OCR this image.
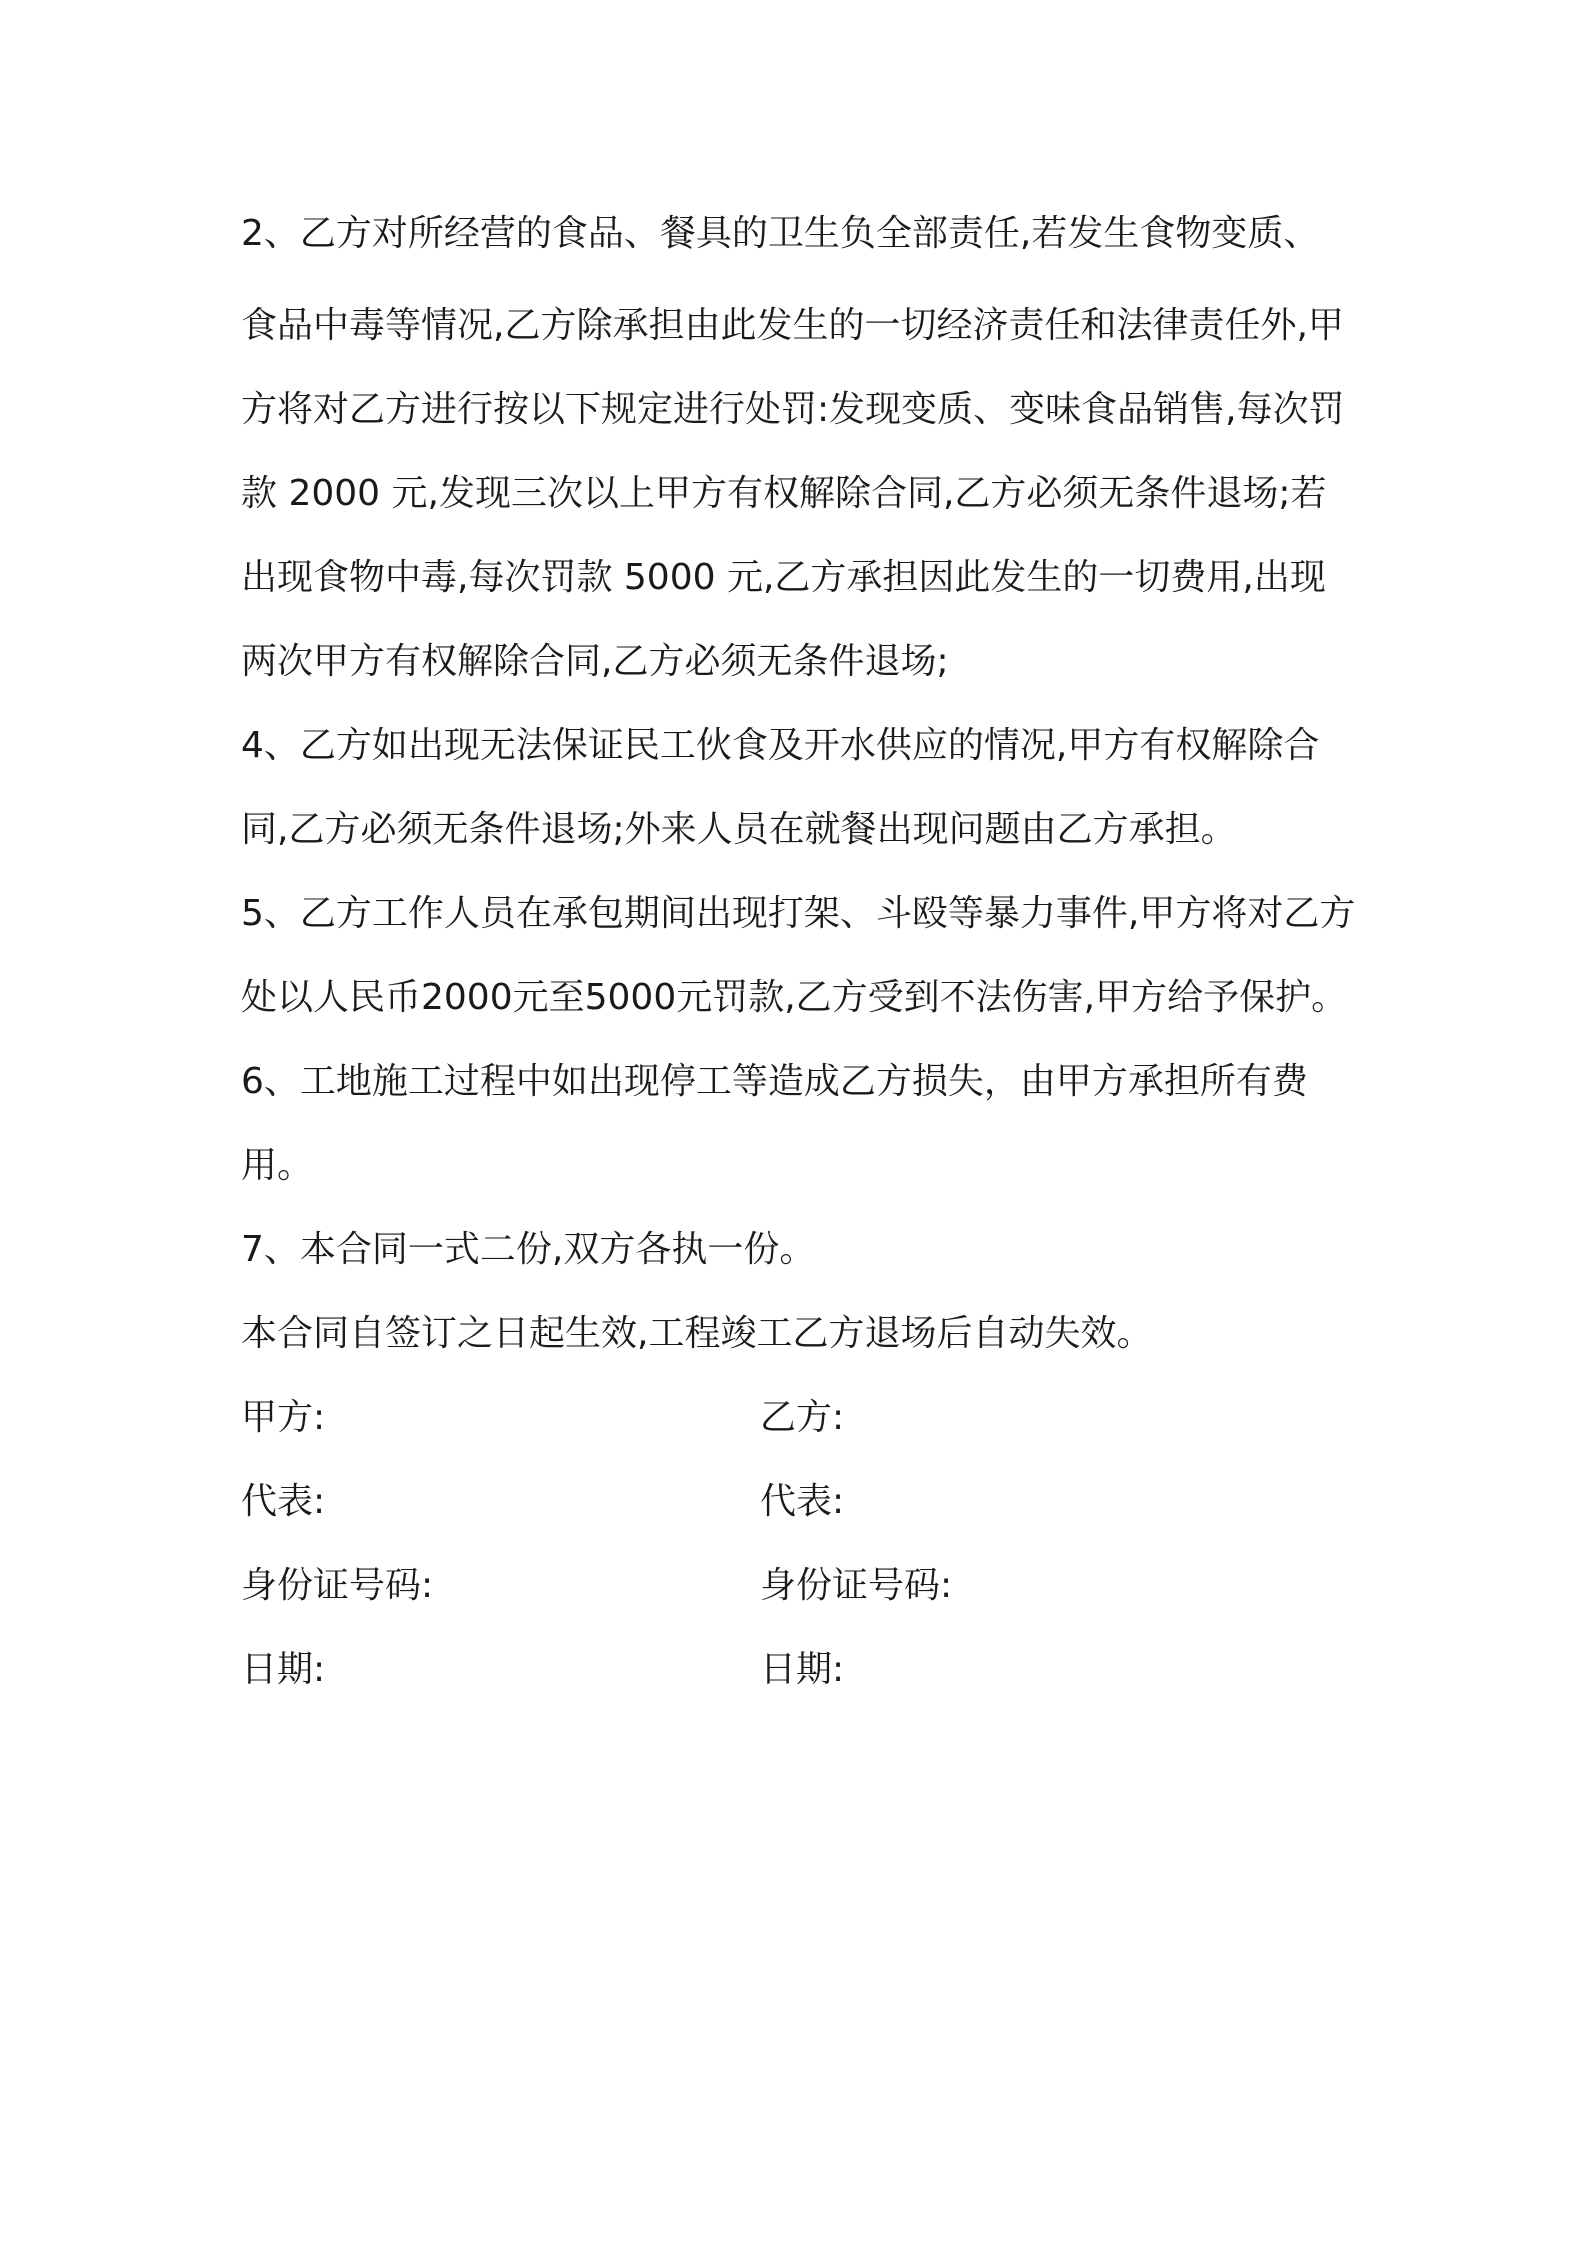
2、乙方对所经营的食品、餐具的卫生负全部责任,若发生食物变质、
食品中毒等情况,乙方除承担由此发生的一切经济责任和法律责任外,甲方将对乙方进行按以下规定进行处罚:发现变质、变味食品销售,每次罚款 2000 元,发现三次以上甲方有权解除合同,乙方必须无条件退场;若出现食物中毒,每次罚款 5000 元,乙方承担因此发生的一切费用,出现两次甲方有权解除合同,乙方必须无条件退场;

4、乙方如出现无法保证民工伙食及开水供应的情况,甲方有权解除合同,乙方必须无条件退场;外来人员在就餐出现问题由乙方承担。

5、乙方工作人员在承包期间出现打架、斗殴等暴力事件,甲方将对乙方处以人民币2000元至5000元罚款,乙方受到不法伤害,甲方给予保护。

6、工地施工过程中如出现停工等造成乙方损失，由甲方承担所有费用。

7、本合同一式二份,双方各执一份。

本合同自签订之日起生效,工程竣工乙方退场后自动失效。

甲方:	乙方:
代表:	代表:
身份证号码:	身份证号码:
日期:	日期:
